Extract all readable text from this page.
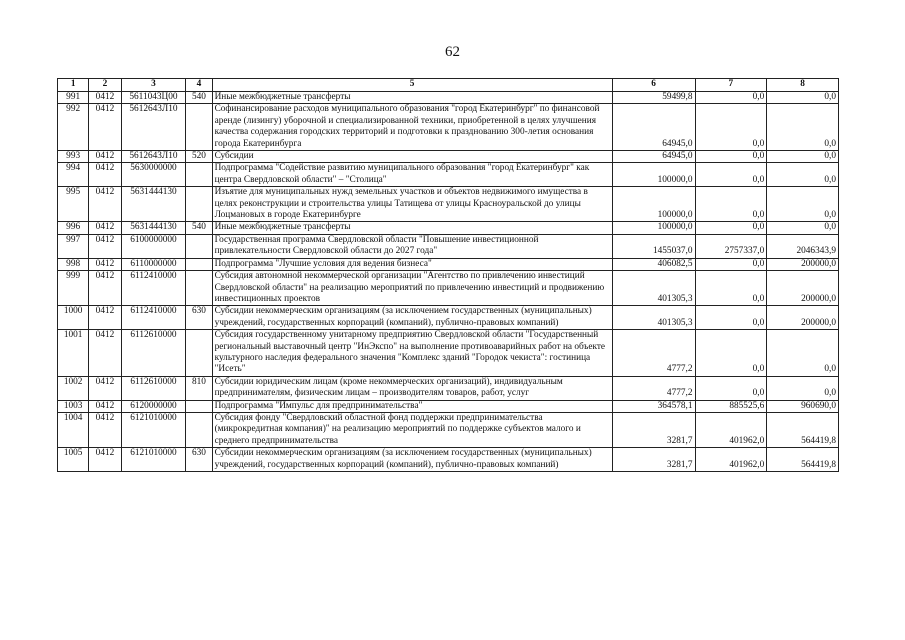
62
1	2	3	4	5	6	7	8
991	0412	5611043Ц00	540	Иные межбюджетные трансферты	59499,8	0,0	0,0
992	0412	5612643Л10		Софинансирование расходов муниципального образования "город Екатеринбург" по финансовой аренде (лизингу) уборочной и специализированной техники, приобретенной в целях улучшения качества содержания городских территорий и подготовки к празднованию 300-летия основания города Екатеринбурга	64945,0	0,0	0,0
993	0412	5612643Л10	520	Субсидии	64945,0	0,0	0,0
994	0412	5630000000		Подпрограмма "Содействие развитию муниципального образования "город Екатеринбург" как центра Свердловской области" – "Столица"	100000,0	0,0	0,0
995	0412	5631444130		Изъятие для муниципальных нужд земельных участков и объектов недвижимого имущества в целях реконструкции и строительства улицы Татищева от улицы Красноуральской до улицы Лоцмановых в городе Екатеринбурге	100000,0	0,0	0,0
996	0412	5631444130	540	Иные межбюджетные трансферты	100000,0	0,0	0,0
997	0412	6100000000		Государственная программа Свердловской области "Повышение инвестиционной привлекательности Свердловской области до 2027 года"	1455037,0	2757337,0	2046343,9
998	0412	6110000000		Подпрограмма "Лучшие условия для ведения бизнеса"	406082,5	0,0	200000,0
999	0412	6112410000		Субсидия автономной некоммерческой организации "Агентство по привлечению инвестиций Свердловской области" на реализацию мероприятий по привлечению инвестиций и продвижению инвестиционных проектов	401305,3	0,0	200000,0
1000	0412	6112410000	630	Субсидии некоммерческим организациям (за исключением государственных (муниципальных) учреждений, государственных корпораций (компаний), публично-правовых компаний)	401305,3	0,0	200000,0
1001	0412	6112610000		Субсидия государственному унитарному предприятию Свердловской области "Государственный региональный выставочный центр "ИнЭкспо" на выполнение противоаварийных работ на объекте культурного наследия федерального значения "Комплекс зданий "Городок чекиста": гостиница "Исеть"	4777,2	0,0	0,0
1002	0412	6112610000	810	Субсидии юридическим лицам (кроме некоммерческих организаций), индивидуальным предпринимателям, физическим лицам – производителям товаров, работ, услуг	4777,2	0,0	0,0
1003	0412	6120000000		Подпрограмма "Импульс для предпринимательства"	364578,1	885525,6	960690,0
1004	0412	6121010000		Субсидия фонду "Свердловский областной фонд поддержки предпринимательства (микрокредитная компания)" на реализацию мероприятий по поддержке субъектов малого и среднего предпринимательства	3281,7	401962,0	564419,8
1005	0412	6121010000	630	Субсидии некоммерческим организациям (за исключением государственных (муниципальных) учреждений, государственных корпораций (компаний), публично-правовых компаний)	3281,7	401962,0	564419,8
